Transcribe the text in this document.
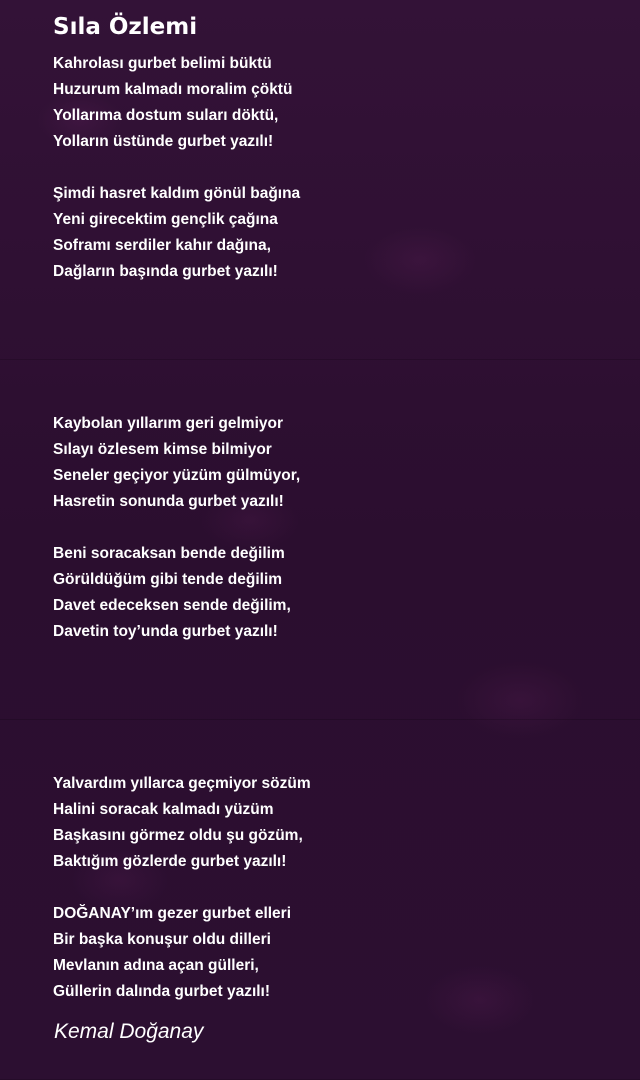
Sıla Özlemi

Kahrolası gurbet belimi büktü
Huzurum kalmadı moralim çöktü
Yollarıma dostum suları döktü,
Yolların üstünde gurbet yazılı!

Şimdi hasret kaldım gönül bağına
Yeni girecektim gençlik çağına
Soframı serdiler kahır dağına,
Dağların başında gurbet yazılı!

Kaybolan yıllarım geri gelmiyor
Sılayı özlesem kimse bilmiyor
Seneler geçiyor yüzüm gülmüyor,
Hasretin sonunda gurbet yazılı!

Beni soracaksan bende değilim
Görüldüğüm gibi tende değilim
Davet edeceksen sende değilim,
Davetin toy’unda gurbet yazılı!

Yalvardım yıllarca geçmiyor sözüm
Halini soracak kalmadı yüzüm
Başkasını görmez oldu şu gözüm,
Baktığım gözlerde gurbet yazılı!

DOĞANAY’ım gezer gurbet elleri
Bir başka konuşur oldu dilleri
Mevlanın adına açan gülleri,
Güllerin dalında gurbet yazılı!

Kemal Doğanay
